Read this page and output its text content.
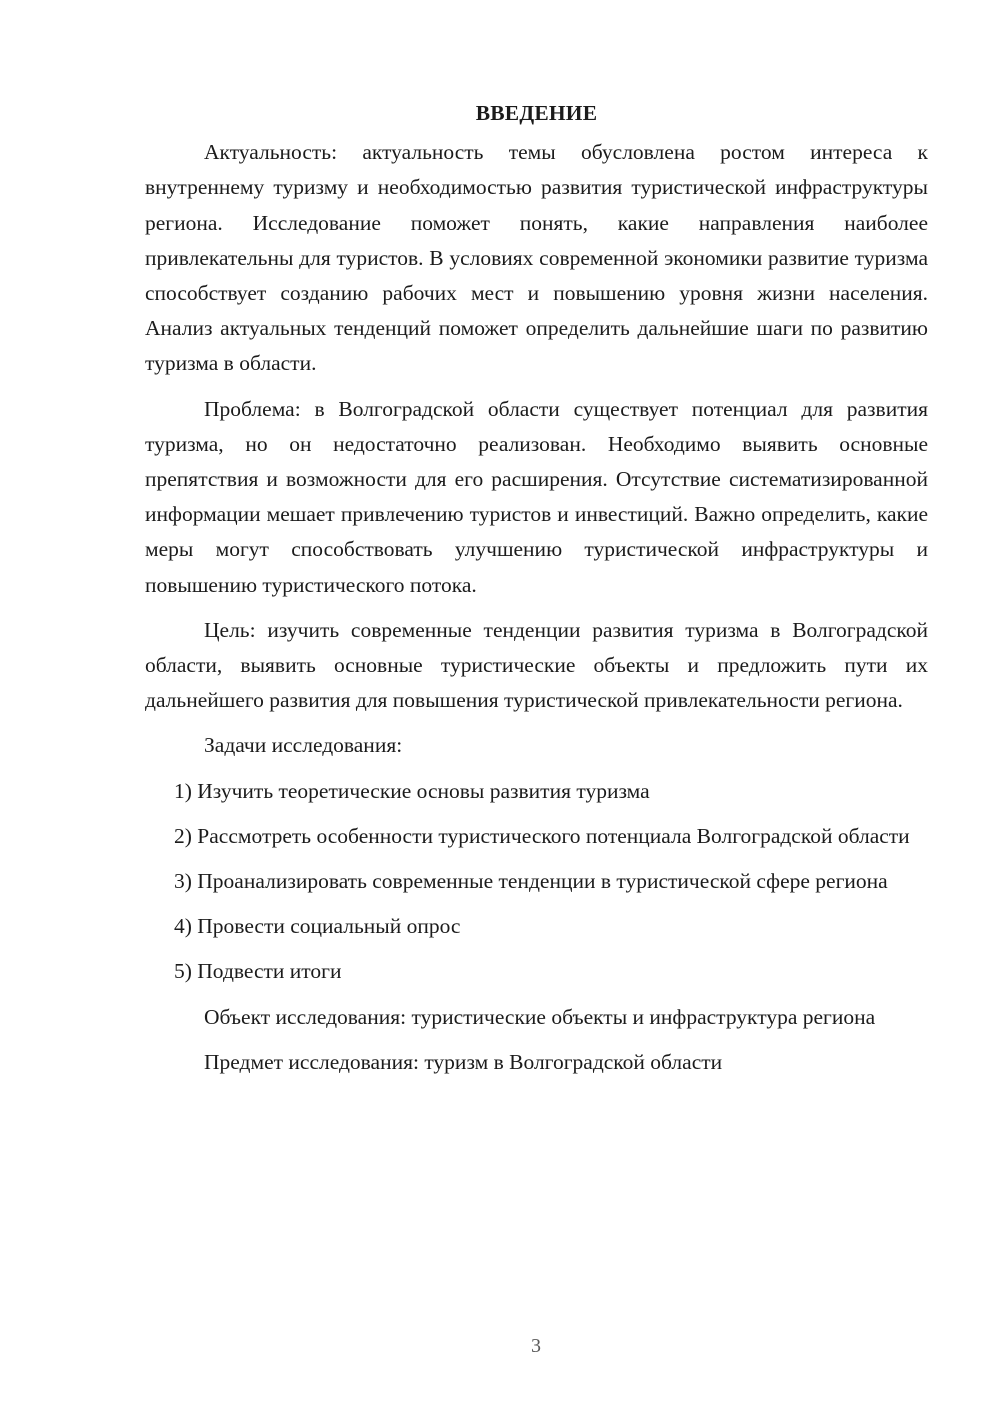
ВВЕДЕНИЕ

Актуальность: актуальность темы обусловлена ростом интереса к внутреннему туризму и необходимостью развития туристической инфраструктуры региона. Исследование поможет понять, какие направления наиболее привлекательны для туристов. В условиях современной экономики развитие туризма способствует созданию рабочих мест и повышению уровня жизни населения. Анализ актуальных тенденций поможет определить дальнейшие шаги по развитию туризма в области.

Проблема: в Волгоградской области существует потенциал для развития туризма, но он недостаточно реализован. Необходимо выявить основные препятствия и возможности для его расширения. Отсутствие систематизированной информации мешает привлечению туристов и инвестиций. Важно определить, какие меры могут способствовать улучшению туристической инфраструктуры и повышению туристического потока.

Цель: изучить современные тенденции развития туризма в Волгоградской области, выявить основные туристические объекты и предложить пути их дальнейшего развития для повышения туристической привлекательности региона.

Задачи исследования:

1) Изучить теоретические основы развития туризма

2) Рассмотреть особенности туристического потенциала Волгоградской области

3) Проанализировать современные тенденции в туристической сфере региона

4) Провести социальный опрос

5) Подвести итоги

Объект исследования: туристические объекты и инфраструктура региона

Предмет исследования: туризм в Волгоградской области

3
